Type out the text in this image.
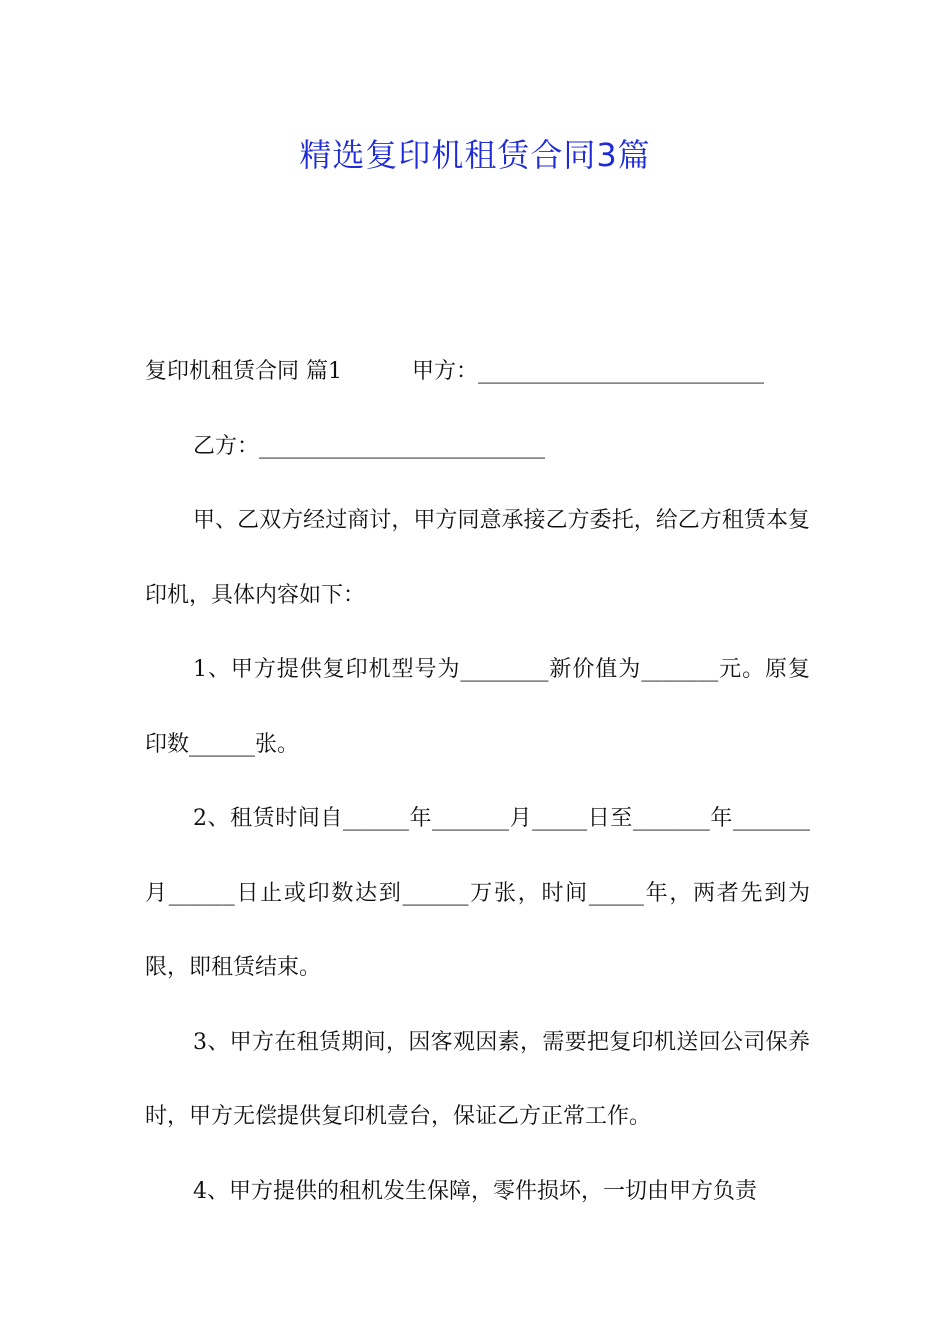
精选复印机租赁合同3篇

复印机租赁合同 篇1	甲方：__________________________

乙方：__________________________

甲、乙双方经过商讨，甲方同意承接乙方委托，给乙方租赁本复印机，具体内容如下：

1、甲方提供复印机型号为________新价值为_______元。原复印数______张。

2、租赁时间自______年_______月_____日至_______年_______月______日止或印数达到______万张，时间_____年，两者先到为限，即租赁结束。

3、甲方在租赁期间，因客观因素，需要把复印机送回公司保养时，甲方无偿提供复印机壹台，保证乙方正常工作。

4、甲方提供的租机发生保障，零件损坏，一切由甲方负责
